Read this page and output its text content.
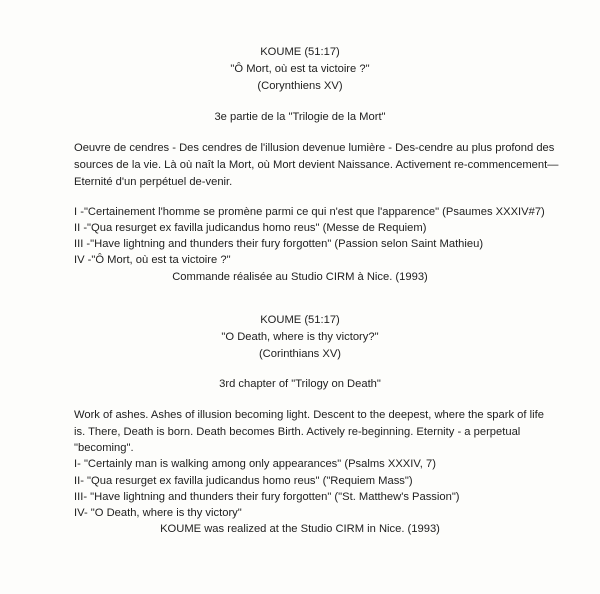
KOUME (51:17)
"Ô Mort, où est ta victoire ?"
(Corynthiens XV)
3e partie de la "Trilogie de la Mort"
Oeuvre de cendres - Des cendres de l'illusion devenue lumière - Des-cendre au plus profond des
sources de la vie. Là où naît la Mort, où Mort devient Naissance. Activement re-commencement—
Eternité d'un perpétuel de-venir.
I -"Certainement l'homme se promène parmi ce qui n'est que l'apparence" (Psaumes XXXIV#7)
II -"Qua resurget ex favilla judicandus homo reus" (Messe de Requiem)
III -"Have lightning and thunders their fury forgotten" (Passion selon Saint Mathieu)
IV -"Ô Mort, où est ta victoire ?"
Commande réalisée au Studio CIRM à Nice. (1993)
KOUME (51:17)
"O Death, where is thy victory?"
(Corinthians XV)
3rd chapter of "Trilogy on Death"
Work of ashes. Ashes of illusion becoming light. Descent to the deepest, where the spark of life
is. There, Death is born. Death becomes Birth. Actively re-beginning. Eternity - a perpetual
"becoming".
I- "Certainly man is walking among only appearances" (Psalms XXXIV, 7)
II- "Qua resurget ex favilla judicandus homo reus" ("Requiem Mass")
III- "Have lightning and thunders their fury forgotten" ("St. Matthew's Passion")
IV- "O Death, where is thy victory"
KOUME was realized at the Studio CIRM in Nice. (1993)
